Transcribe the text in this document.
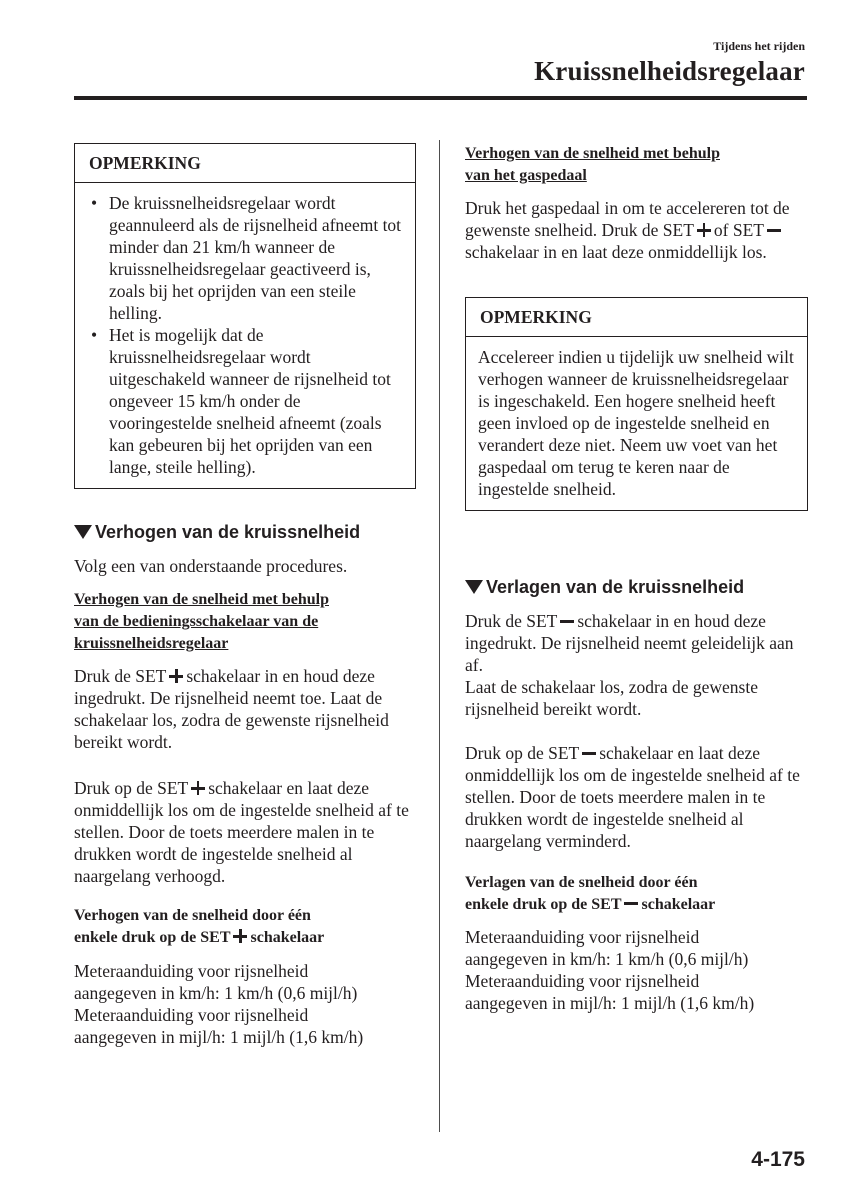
Tijdens het rijden
Kruissnelheidsregelaar
OPMERKING
• De kruissnelheidsregelaar wordt geannuleerd als de rijsnelheid afneemt tot minder dan 21 km/h wanneer de kruissnelheidsregelaar geactiveerd is, zoals bij het oprijden van een steile helling.
• Het is mogelijk dat de kruissnelheidsregelaar wordt uitgeschakeld wanneer de rijsnelheid tot ongeveer 15 km/h onder de vooringestelde snelheid afneemt (zoals kan gebeuren bij het oprijden van een lange, steile helling).
Verhogen van de kruissnelheid
Volg een van onderstaande procedures.
Verhogen van de snelheid met behulp
van de bedieningsschakelaar van de
kruissnelheidsregelaar
Druk de SET schakelaar in en houd deze ingedrukt. De rijsnelheid neemt toe. Laat de schakelaar los, zodra de gewenste rijsnelheid bereikt wordt.
Druk op de SET schakelaar en laat deze onmiddellijk los om de ingestelde snelheid af te stellen. Door de toets meerdere malen in te drukken wordt de ingestelde snelheid al naargelang verhoogd.
Verhogen van de snelheid door één
enkele druk op de SET schakelaar
Meteraanduiding voor rijsnelheid
aangegeven in km/h: 1 km/h (0,6 mijl/h)
Meteraanduiding voor rijsnelheid
aangegeven in mijl/h: 1 mijl/h (1,6 km/h)
Verhogen van de snelheid met behulp
van het gaspedaal
Druk het gaspedaal in om te accelereren tot de gewenste snelheid. Druk de SET of SETschakelaar in en laat deze onmiddellijk los.
OPMERKING
Accelereer indien u tijdelijk uw snelheid wilt verhogen wanneer de kruissnelheidsregelaar is ingeschakeld. Een hogere snelheid heeft geen invloed op de ingestelde snelheid en verandert deze niet. Neem uw voet van het gaspedaal om terug te keren naar de ingestelde snelheid.
Verlagen van de kruissnelheid
Druk de SET schakelaar in en houd deze ingedrukt. De rijsnelheid neemt geleidelijk aan af.
Laat de schakelaar los, zodra de gewenste rijsnelheid bereikt wordt.
Druk op de SET schakelaar en laat deze onmiddellijk los om de ingestelde snelheid af te stellen. Door de toets meerdere malen in te drukken wordt de ingestelde snelheid al naargelang verminderd.
Verlagen van de snelheid door één
enkele druk op de SET schakelaar
Meteraanduiding voor rijsnelheid
aangegeven in km/h: 1 km/h (0,6 mijl/h)
Meteraanduiding voor rijsnelheid
aangegeven in mijl/h: 1 mijl/h (1,6 km/h)
4-175
